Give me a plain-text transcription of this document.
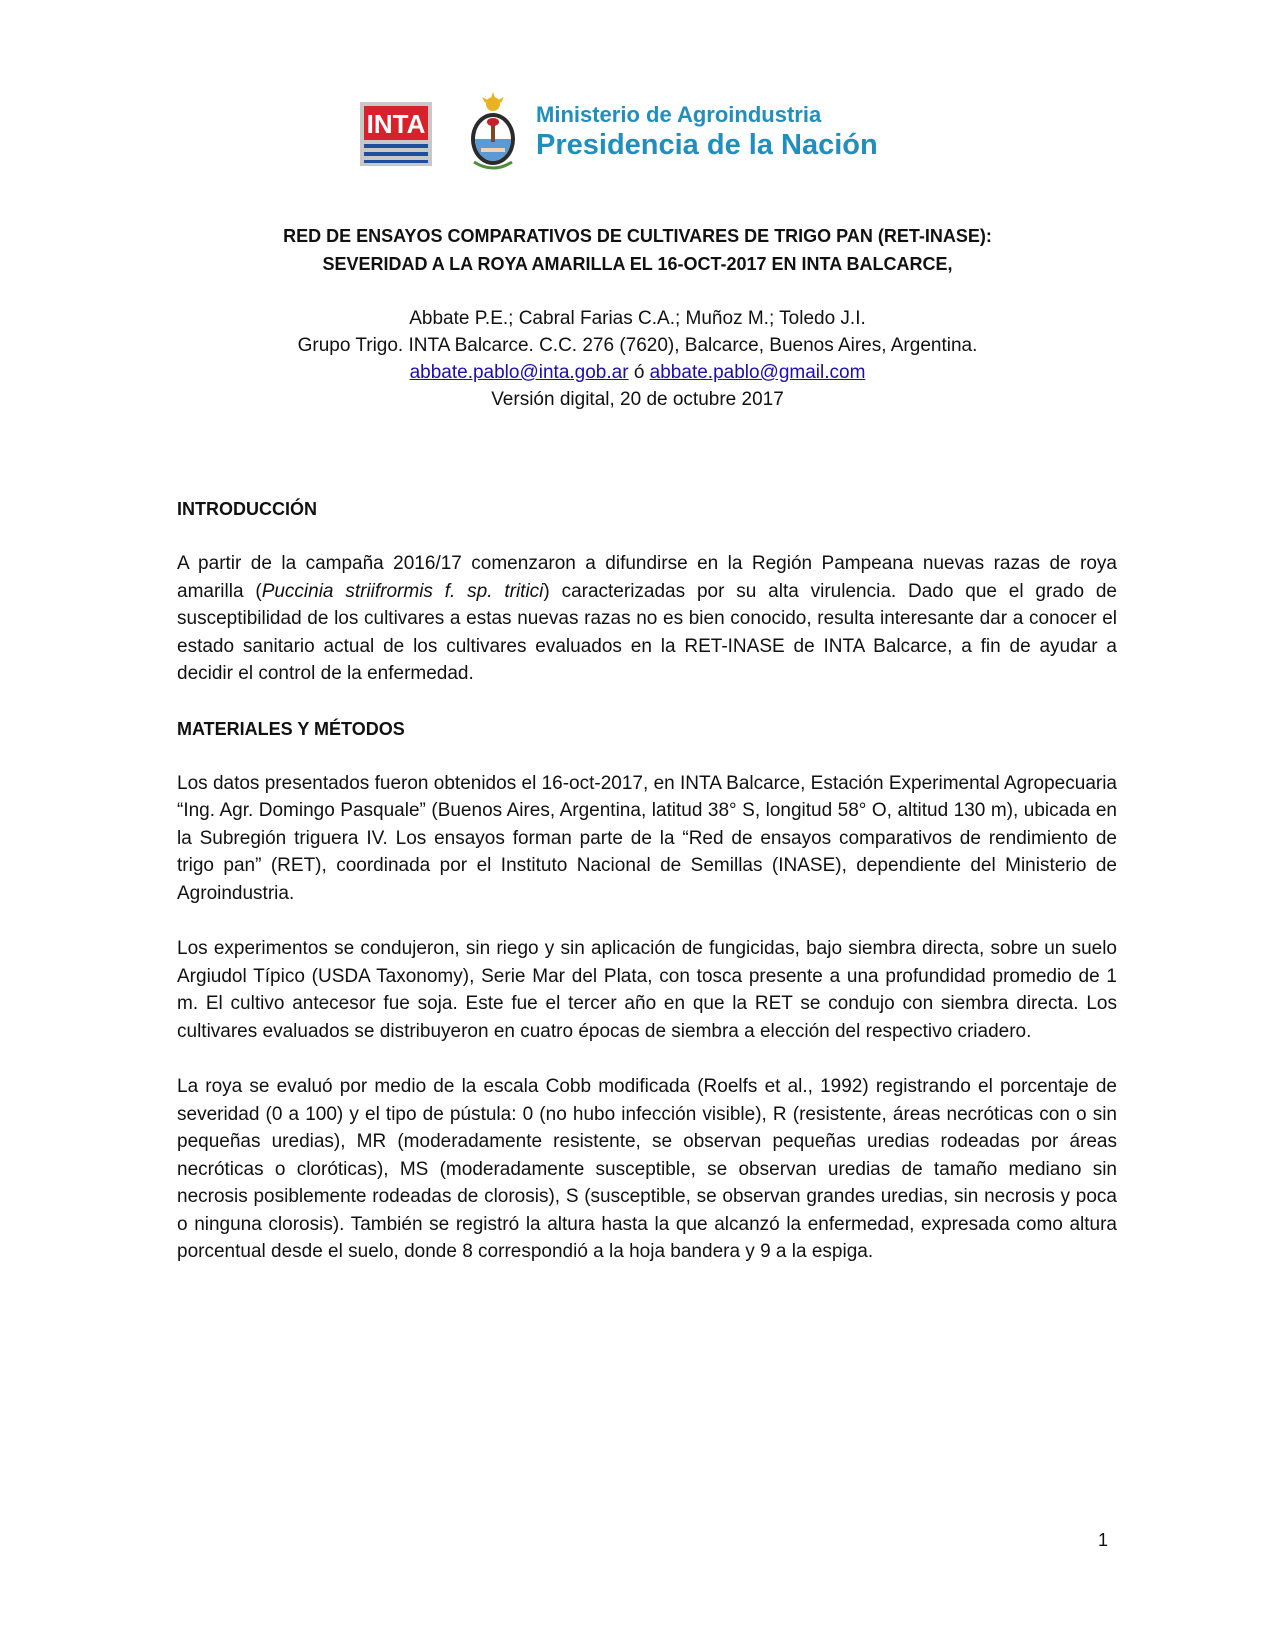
INTA	Ministerio de Agroindustria
Presidencia de la Nación
RED DE ENSAYOS COMPARATIVOS DE CULTIVARES DE TRIGO PAN (RET-INASE):
SEVERIDAD A LA ROYA AMARILLA EL 16-OCT-2017 EN INTA BALCARCE,
Abbate P.E.; Cabral Farias C.A.; Muñoz M.; Toledo J.I.
Grupo Trigo. INTA Balcarce. C.C. 276 (7620), Balcarce, Buenos Aires, Argentina.
abbate.pablo@inta.gob.ar ó abbate.pablo@gmail.com
Versión digital, 20 de octubre 2017
INTRODUCCIÓN

A partir de la campaña 2016/17 comenzaron a difundirse en la Región Pampeana nuevas razas de roya amarilla (Puccinia striifrormis f. sp. tritici) caracterizadas por su alta virulencia. Dado que el grado de susceptibilidad de los cultivares a estas nuevas razas no es bien conocido, resulta interesante dar a conocer el estado sanitario actual de los cultivares evaluados en la RET-INASE de INTA Balcarce, a fin de ayudar a decidir el control de la enfermedad.

MATERIALES Y MÉTODOS

Los datos presentados fueron obtenidos el 16-oct-2017, en INTA Balcarce, Estación Experimental Agropecuaria “Ing. Agr. Domingo Pasquale” (Buenos Aires, Argentina, latitud 38° S, longitud 58° O, altitud 130 m), ubicada en la Subregión triguera IV. Los ensayos forman parte de la “Red de ensayos comparativos de rendimiento de trigo pan” (RET), coordinada por el Instituto Nacional de Semillas (INASE), dependiente del Ministerio de Agroindustria.

Los experimentos se condujeron, sin riego y sin aplicación de fungicidas, bajo siembra directa, sobre un suelo Argiudol Típico (USDA Taxonomy), Serie Mar del Plata, con tosca presente a una profundidad promedio de 1 m. El cultivo antecesor fue soja. Este fue el tercer año en que la RET se condujo con siembra directa. Los cultivares evaluados se distribuyeron en cuatro épocas de siembra a elección del respectivo criadero.

La roya se evaluó por medio de la escala Cobb modificada (Roelfs et al., 1992) registrando el porcentaje de severidad (0 a 100) y el tipo de pústula: 0 (no hubo infección visible), R (resistente, áreas necróticas con o sin pequeñas uredias), MR (moderadamente resistente, se observan pequeñas uredias rodeadas por áreas necróticas o cloróticas), MS (moderadamente susceptible, se observan uredias de tamaño mediano sin necrosis posiblemente rodeadas de clorosis), S (susceptible, se observan grandes uredias, sin necrosis y poca o ninguna clorosis). También se registró la altura hasta la que alcanzó la enfermedad, expresada como altura porcentual desde el suelo, donde 8 correspondió a la hoja bandera y 9 a la espiga.

1
